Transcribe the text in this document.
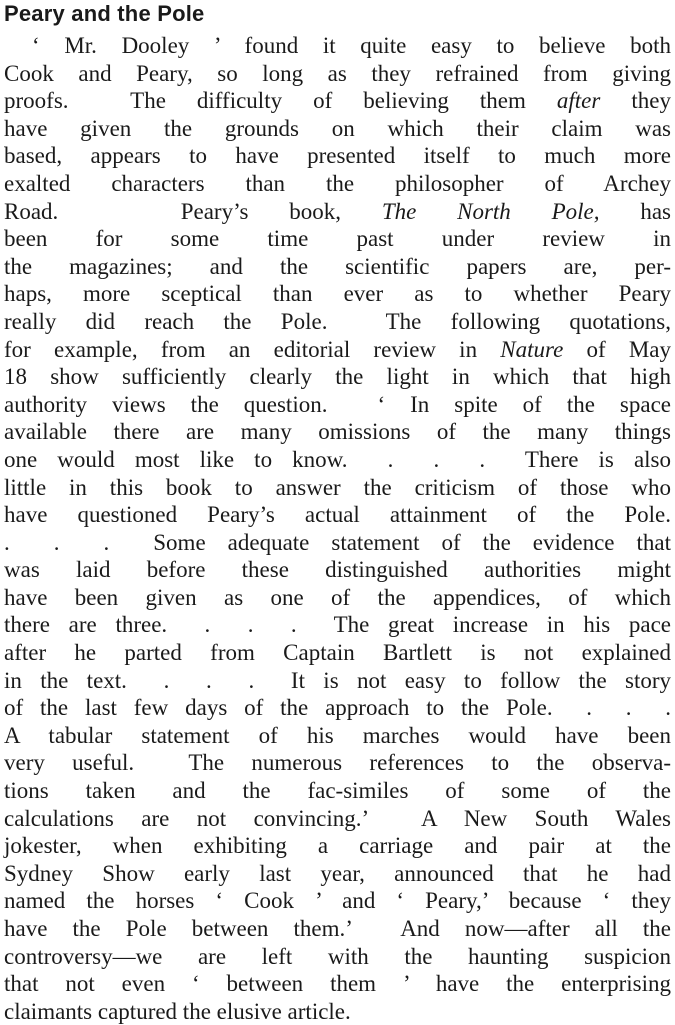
Peary and the Pole
‘ Mr. Dooley ’ found it quite easy to believe both
Cook and Peary, so long as they refrained from giving
proofs.  The difficulty of believing them after they
have given the grounds on which their claim was
based, appears to have presented itself to much more
exalted characters than the philosopher of Archey
Road.   Peary’s book, The North Pole, has
been for some time past under review in
the magazines; and the scientific papers are, per-
haps, more sceptical than ever as to whether Peary
really did reach the Pole.  The following quotations,
for example, from an editorial review in Nature of May
18 show sufficiently clearly the light in which that high
authority views the question.  ‘ In spite of the space
available there are many omissions of the many things
one would most like to know.  .  .  .  There is also
little in this book to answer the criticism of those who
have questioned Peary’s actual attainment of the Pole.
.  .  .  Some adequate statement of the evidence that
was laid before these distinguished authorities might
have been given as one of the appendices, of which
there are three.  .  .  .  The great increase in his pace
after he parted from Captain Bartlett is not explained
in the text.  .  .  .  It is not easy to follow the story
of the last few days of the approach to the Pole.  .  .  .
A tabular statement of his marches would have been
very useful.  The numerous references to the observa-
tions taken and the fac-similes of some of the
calculations are not convincing.’  A New South Wales
jokester, when exhibiting a carriage and pair at the
Sydney Show early last year, announced that he had
named the horses ‘ Cook ’ and ‘ Peary,’ because ‘ they
have the Pole between them.’  And now—after all the
controversy—we are left with the haunting suspicion
that not even ‘ between them ’ have the enterprising
claimants captured the elusive article.
